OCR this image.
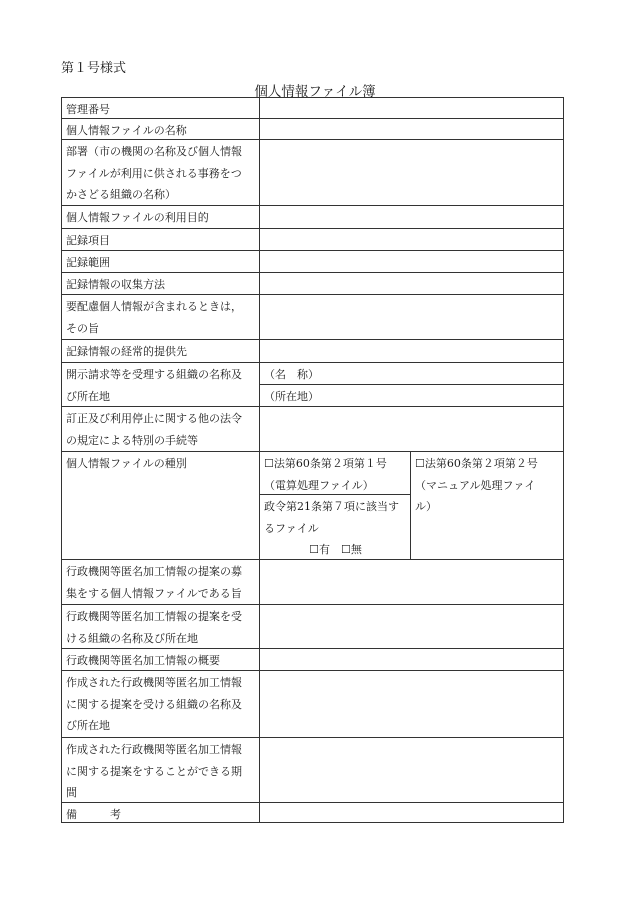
第１号様式
個人情報ファイル簿
管理番号
個人情報ファイルの名称
部署（市の機関の名称及び個人情報
ファイルが利用に供される事務をつ
かさどる組織の名称）
個人情報ファイルの利用目的
記録項目
記録範囲
記録情報の収集方法
要配慮個人情報が含まれるときは，
その旨
記録情報の経常的提供先
開示請求等を受理する組織の名称及
び所在地
（名　称）
（所在地）
訂正及び利用停止に関する他の法令
の規定による特別の手続等
個人情報ファイルの種別	☐法第60条第２項第１号
（電算処理ファイル）
政令第21条第７項に該当す
るファイル
☐有　☐無
☐法第60条第２項第２号
（マニュアル処理ファイ
ル）
行政機関等匿名加工情報の提案の募
集をする個人情報ファイルである旨
行政機関等匿名加工情報の提案を受
ける組織の名称及び所在地
行政機関等匿名加工情報の概要
作成された行政機関等匿名加工情報
に関する提案を受ける組織の名称及
び所在地
作成された行政機関等匿名加工情報
に関する提案をすることができる期
間
備　　　考
